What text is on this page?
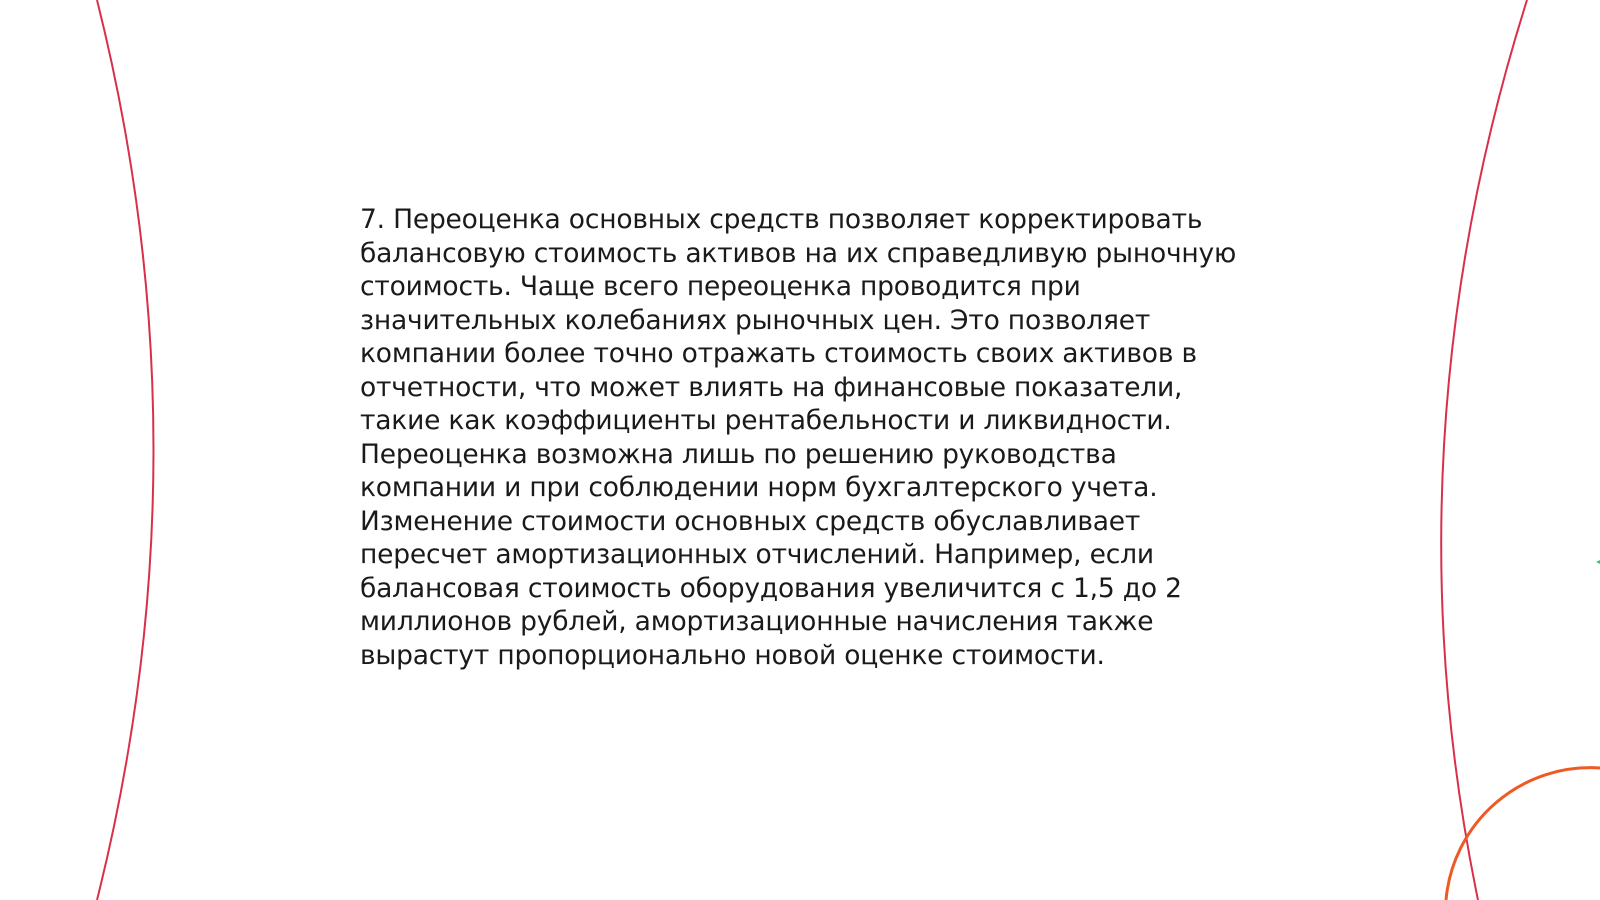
7. Переоценка основных средств позволяет корректировать
балансовую стоимость активов на их справедливую рыночную
стоимость. Чаще всего переоценка проводится при
значительных колебаниях рыночных цен. Это позволяет
компании более точно отражать стоимость своих активов в
отчетности, что может влиять на финансовые показатели,
такие как коэффициенты рентабельности и ликвидности.
Переоценка возможна лишь по решению руководства
компании и при соблюдении норм бухгалтерского учета.
Изменение стоимости основных средств обуславливает
пересчет амортизационных отчислений. Например, если
балансовая стоимость оборудования увеличится с 1,5 до 2
миллионов рублей, амортизационные начисления также
вырастут пропорционально новой оценке стоимости.
